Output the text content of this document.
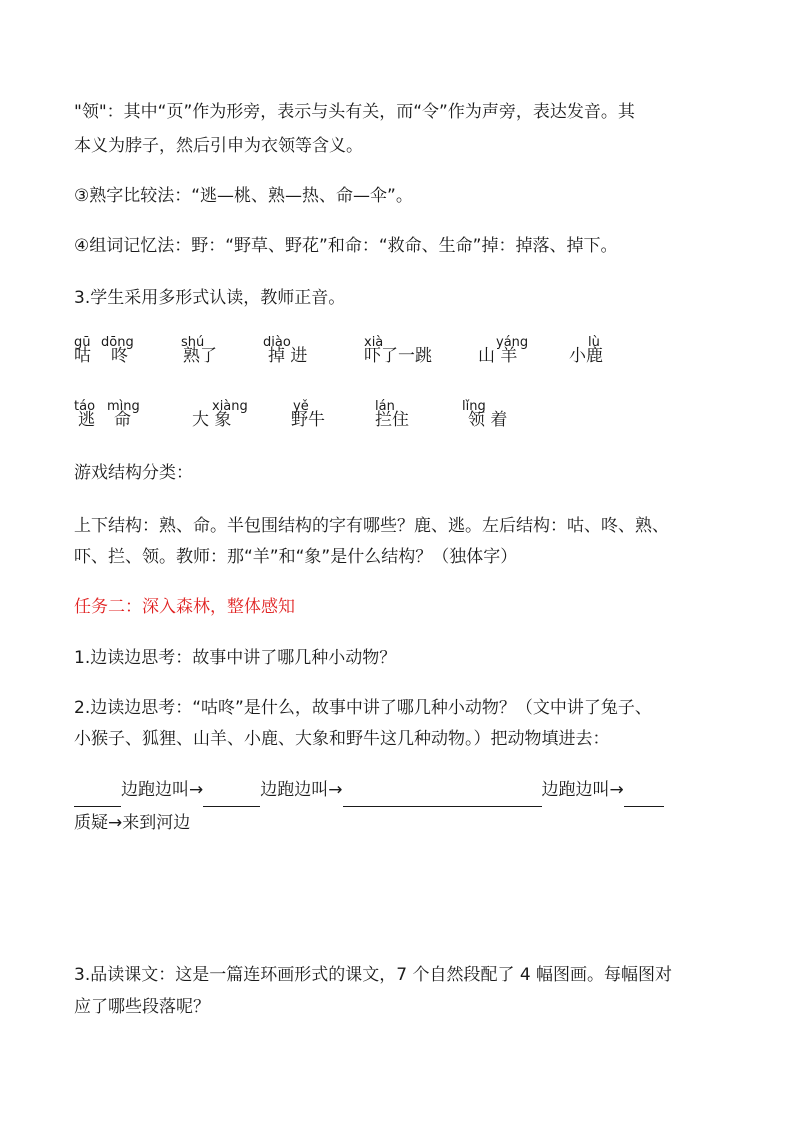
"领"：其中“页”作为形旁，表示与头有关，而“令”作为声旁，表达发音。其

本义为脖子，然后引申为衣领等含义。

③熟字比较法：“逃—桃、熟—热、命—伞”。

④组词记忆法：野：“野草、野花”和命：“救命、生命”掉：掉落、掉下。

3.学生采用多形式认读，教师正音。

gū
咕
dōng
咚
shú
熟了
diào
掉 进
xià
吓了一跳
yáng
山 羊
lù
小鹿
táo
逃
mìng
命
xiàng
大 象
yě
野牛
lán
拦住
lǐng
领 着

游戏结构分类：

上下结构：熟、命。半包围结构的字有哪些？鹿、逃。左后结构：咕、咚、熟、

吓、拦、领。教师：那“羊”和“象”是什么结构？（独体字）

任务二：深入森林，整体感知

1.边读边思考：故事中讲了哪几种小动物？

2.边读边思考：“咕咚”是什么，故事中讲了哪几种小动物？（文中讲了兔子、

小猴子、狐狸、山羊、小鹿、大象和野牛这几种动物。）把动物填进去：

边跑边叫→	边跑边叫→	边跑边叫→

质疑→来到河边

3.品读课文：这是一篇连环画形式的课文，7 个自然段配了 4 幅图画。每幅图对

应了哪些段落呢？
